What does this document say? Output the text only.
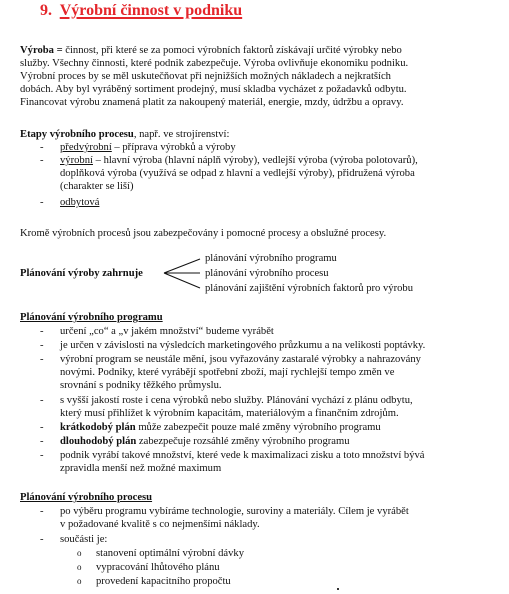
9. Výrobní činnost v podniku
Výroba = činnost, při které se za pomoci výrobních faktorů získávají určité výrobky nebo
služby. Všechny činnosti, které podnik zabezpečuje. Výroba ovlivňuje ekonomiku podniku.
Výrobní proces by se měl uskutečňovat při nejnižších možných nákladech a nejkratších
dobách. Aby byl vyráběný sortiment prodejný, musí skladba vycházet z požadavků odbytu.
Financovat výrobu znamená platit za nakoupený materiál, energie, mzdy, údržbu a opravy.
Etapy výrobního procesu, např. ve strojírenství:
- předvýrobní – příprava výrobků a výroby
- výrobní – hlavní výroba (hlavní náplň výroby), vedlejší výroba (výroba polotovarů),
doplňková výroba (využívá se odpad z hlavní a vedlejší výroby), přidružená výroba
(charakter se liší)
- odbytová
Kromě výrobních procesů jsou zabezpečovány i pomocné procesy a obslužné procesy.
Plánování výroby zahrnuje
plánování výrobního programu
plánování výrobního procesu
plánování zajištění výrobních faktorů pro výrobu
Plánování výrobního programu
- určení „co“ a „v jakém množství“ budeme vyrábět
- je určen v závislosti na výsledcích marketingového průzkumu a na velikosti poptávky.
- výrobní program se neustále mění, jsou vyřazovány zastaralé výrobky a nahrazovány
novými. Podniky, které vyrábějí spotřební zboží, mají rychlejší tempo změn ve
srovnání s podniky těžkého průmyslu.
- s vyšší jakostí roste i cena výrobků nebo služby. Plánování vychází z plánu odbytu,
který musí přihlížet k výrobním kapacitám, materiálovým a finančním zdrojům.
- krátkodobý plán může zabezpečit pouze malé změny výrobního programu
- dlouhodobý plán zabezpečuje rozsáhlé změny výrobního programu
- podnik vyrábí takové množství, které vede k maximalizaci zisku a toto množství bývá
zpravidla menší než možné maximum
Plánování výrobního procesu
- po výběru programu vybíráme technologie, suroviny a materiály. Cílem je vyrábět
v požadované kvalitě s co nejmenšími náklady.
- součásti je:
o stanovení optimální výrobní dávky
o vypracování lhůtového plánu
o provedení kapacitního propočtu
